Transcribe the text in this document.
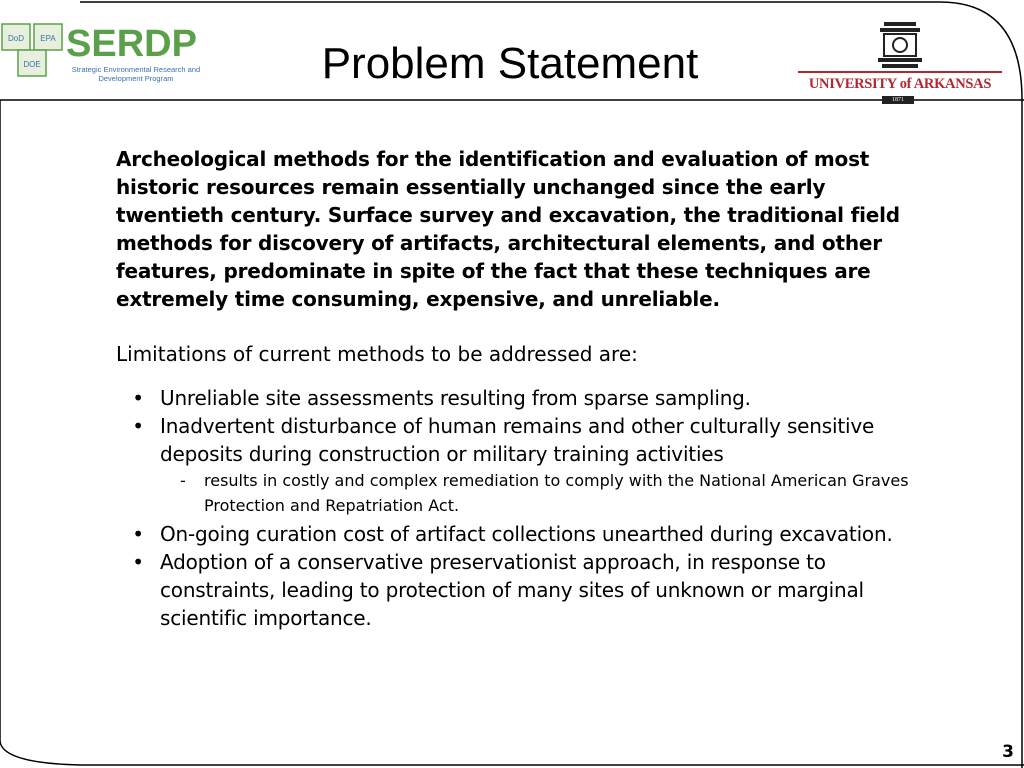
DoD EPA
DOE SERDP
Strategic Environmental Research and Development Program	Problem Statement	UNIVERSITY of ARKANSAS
1871

Archeological methods for the identification and evaluation of most historic resources remain essentially unchanged since the early twentieth century. Surface survey and excavation, the traditional field methods for discovery of artifacts, architectural elements, and other features, predominate in spite of the fact that these techniques are extremely time consuming, expensive, and unreliable.

Limitations of current methods to be addressed are:

• Unreliable site assessments resulting from sparse sampling.
• Inadvertent disturbance of human remains and other culturally sensitive deposits during construction or military training activities
- results in costly and complex remediation to comply with the National American Graves Protection and Repatriation Act.
• On-going curation cost of artifact collections unearthed during excavation.
• Adoption of a conservative preservationist approach, in response to constraints, leading to protection of many sites of unknown or marginal scientific importance.
3
